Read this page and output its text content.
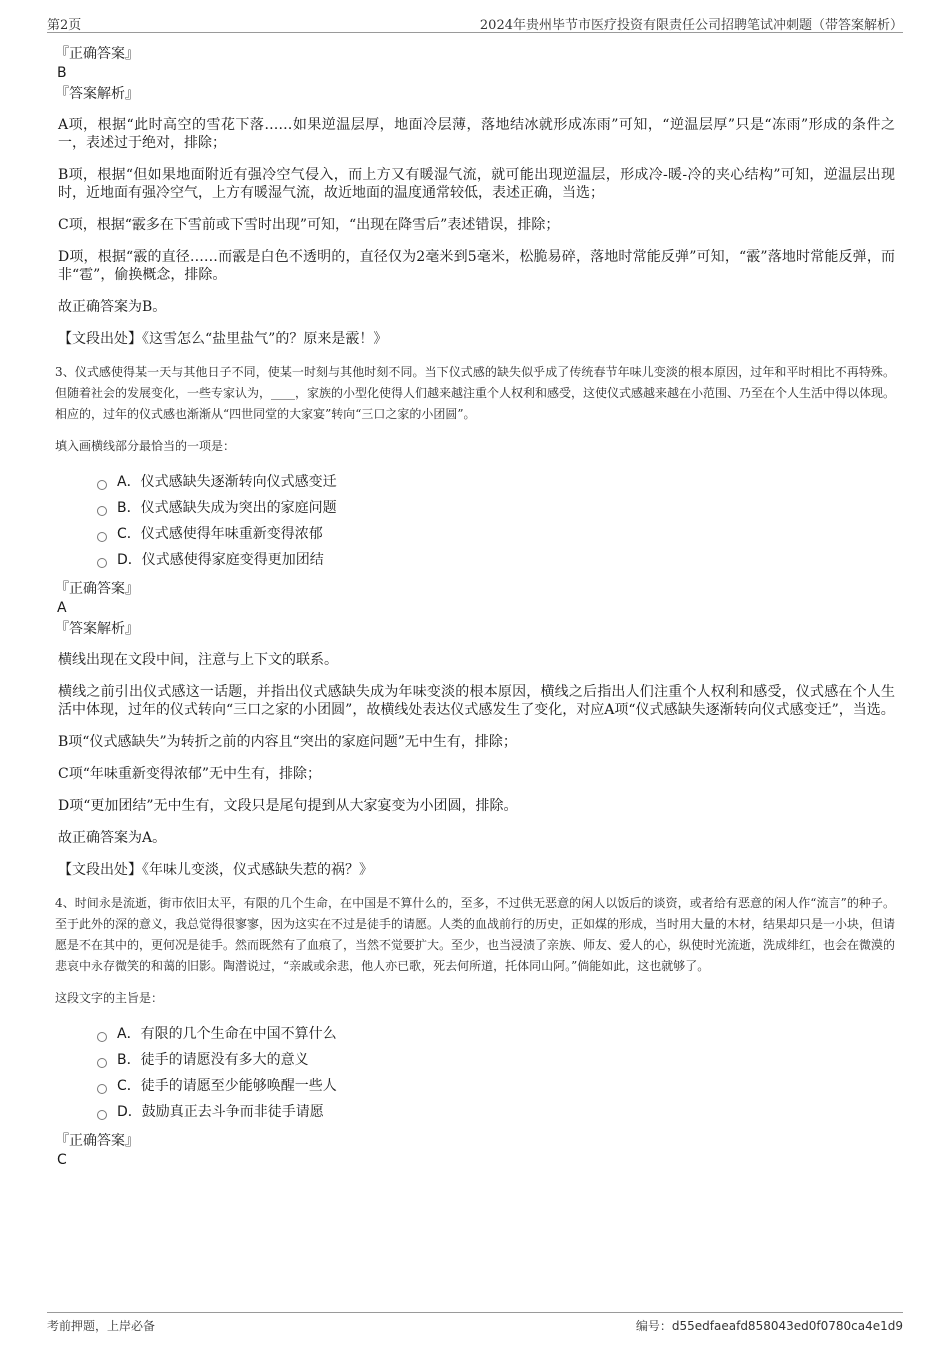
第2页	2024年贵州毕节市医疗投资有限责任公司招聘笔试冲刺题（带答案解析）

『正确答案』

B

『答案解析』

A项，根据“此时高空的雪花下落……如果逆温层厚，地面冷层薄，落地结冰就形成冻雨”可知，“逆温层厚”只是“冻雨”形成的条件之一，表述过于绝对，排除；

B项，根据“但如果地面附近有强冷空气侵入，而上方又有暖湿气流，就可能出现逆温层，形成冷-暖-冷的夹心结构”可知，逆温层出现时，近地面有强冷空气，上方有暖湿气流，故近地面的温度通常较低，表述正确，当选；

C项，根据“霰多在下雪前或下雪时出现”可知，“出现在降雪后”表述错误，排除；

D项，根据“霰的直径……而霰是白色不透明的，直径仅为2毫米到5毫米，松脆易碎，落地时常能反弹”可知，“霰”落地时常能反弹，而非“雹”，偷换概念，排除。

故正确答案为B。

【文段出处】《这雪怎么“盐里盐气”的？原来是霰！》

3、仪式感使得某一天与其他日子不同，使某一时刻与其他时刻不同。当下仪式感的缺失似乎成了传统春节年味儿变淡的根本原因，过年和平时相比不再特殊。但随着社会的发展变化，一些专家认为，____，家族的小型化使得人们越来越注重个人权利和感受，这使仪式感越来越在小范围、乃至在个人生活中得以体现。相应的，过年的仪式感也渐渐从“四世同堂的大家宴”转向“三口之家的小团圆”。

填入画横线部分最恰当的一项是：

A． 仪式感缺失逐渐转向仪式感变迁
B． 仪式感缺失成为突出的家庭问题
C． 仪式感使得年味重新变得浓郁
D． 仪式感使得家庭变得更加团结

『正确答案』

A

『答案解析』

横线出现在文段中间，注意与上下文的联系。

横线之前引出仪式感这一话题，并指出仪式感缺失成为年味变淡的根本原因，横线之后指出人们注重个人权利和感受，仪式感在个人生活中体现，过年的仪式转向“三口之家的小团圆”，故横线处表达仪式感发生了变化，对应A项“仪式感缺失逐渐转向仪式感变迁”，当选。

B项“仪式感缺失”为转折之前的内容且“突出的家庭问题”无中生有，排除；

C项“年味重新变得浓郁”无中生有，排除；

D项“更加团结”无中生有，文段只是尾句提到从大家宴变为小团圆，排除。

故正确答案为A。

【文段出处】《年味儿变淡，仪式感缺失惹的祸？》

4、时间永是流逝，街市依旧太平，有限的几个生命，在中国是不算什么的，至多，不过供无恶意的闲人以饭后的谈资，或者给有恶意的闲人作“流言”的种子。至于此外的深的意义，我总觉得很寥寥，因为这实在不过是徒手的请愿。人类的血战前行的历史，正如煤的形成，当时用大量的木材，结果却只是一小块，但请愿是不在其中的，更何况是徒手。然而既然有了血痕了，当然不觉要扩大。至少，也当浸渍了亲族、师友、爱人的心，纵使时光流逝，洗成绯红，也会在微漠的悲哀中永存微笑的和蔼的旧影。陶潜说过，“亲戚或余悲，他人亦已歌，死去何所道，托体同山阿。”倘能如此，这也就够了。

这段文字的主旨是：

A． 有限的几个生命在中国不算什么
B． 徒手的请愿没有多大的意义
C． 徒手的请愿至少能够唤醒一些人
D． 鼓励真正去斗争而非徒手请愿

『正确答案』

C

考前押题，上岸必备	编号：d55edfaeafd858043ed0f0780ca4e1d9
